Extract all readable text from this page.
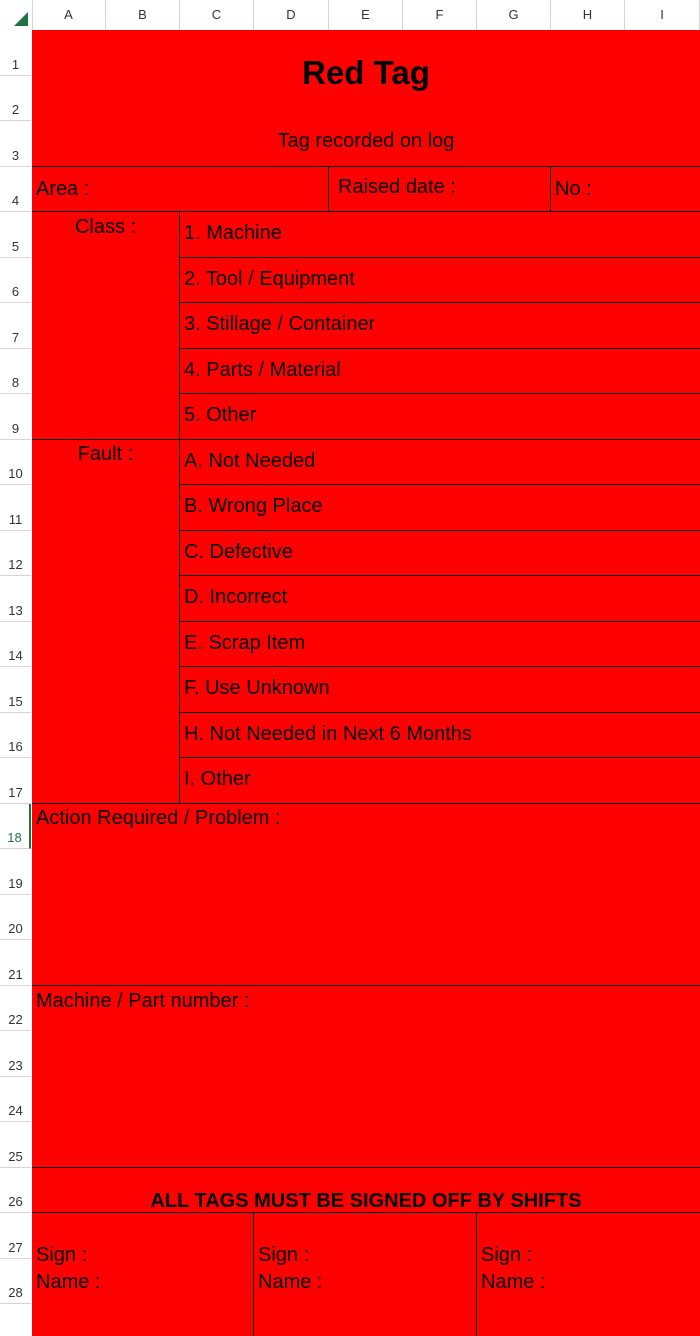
A	B	C	D	E	F	G	H	I
1
2
3
4
5
6
7
8
9
10
11
12
13
14
15
16
17
18
19
20
21
22
23
24
25
26
27
28
Red Tag
Tag recorded on log
Area :	Raised date :	No :
Class :	1. Machine
2. Tool / Equipment
3. Stillage / Container
4. Parts / Material
5. Other
Fault :	A. Not Needed
B. Wrong Place
C. Defective
D. Incorrect
E. Scrap Item
F. Use Unknown
H. Not Needed in Next 6 Months
I. Other
Action Required / Problem :
Machine / Part number :
ALL TAGS MUST BE SIGNED OFF BY SHIFTS
Sign :
Name :
Sign :
Name :
Sign :
Name :
